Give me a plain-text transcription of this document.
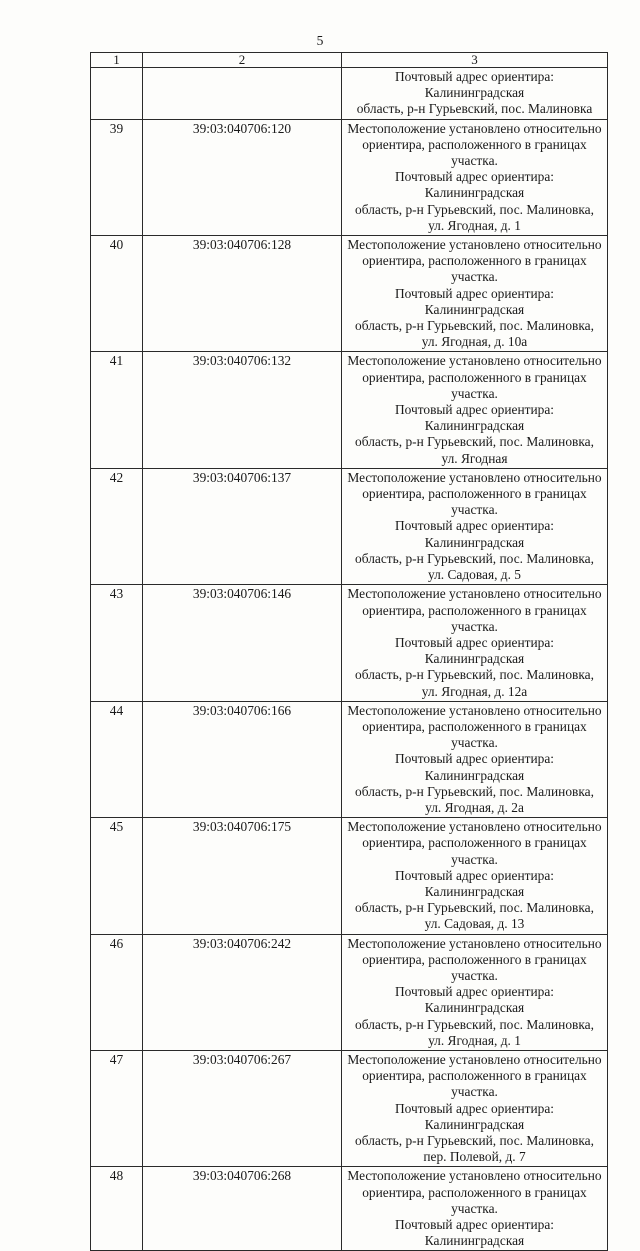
5
1	2	3
		Почтовый адрес ориентира: Калининградская
область, р-н Гурьевский, пос. Малиновка
39	39:03:040706:120	Местоположение установлено относительно
ориентира, расположенного в границах участка.
Почтовый адрес ориентира: Калининградская
область, р-н Гурьевский, пос. Малиновка,
ул. Ягодная, д. 1
40	39:03:040706:128	Местоположение установлено относительно
ориентира, расположенного в границах участка.
Почтовый адрес ориентира: Калининградская
область, р-н Гурьевский, пос. Малиновка,
ул. Ягодная, д. 10а
41	39:03:040706:132	Местоположение установлено относительно
ориентира, расположенного в границах участка.
Почтовый адрес ориентира: Калининградская
область, р-н Гурьевский, пос. Малиновка,
ул. Ягодная
42	39:03:040706:137	Местоположение установлено относительно
ориентира, расположенного в границах участка.
Почтовый адрес ориентира: Калининградская
область, р-н Гурьевский, пос. Малиновка,
ул. Садовая, д. 5
43	39:03:040706:146	Местоположение установлено относительно
ориентира, расположенного в границах участка.
Почтовый адрес ориентира: Калининградская
область, р-н Гурьевский, пос. Малиновка,
ул. Ягодная, д. 12а
44	39:03:040706:166	Местоположение установлено относительно
ориентира, расположенного в границах участка.
Почтовый адрес ориентира: Калининградская
область, р-н Гурьевский, пос. Малиновка,
ул. Ягодная, д. 2а
45	39:03:040706:175	Местоположение установлено относительно
ориентира, расположенного в границах участка.
Почтовый адрес ориентира: Калининградская
область, р-н Гурьевский, пос. Малиновка,
ул. Садовая, д. 13
46	39:03:040706:242	Местоположение установлено относительно
ориентира, расположенного в границах участка.
Почтовый адрес ориентира: Калининградская
область, р-н Гурьевский, пос. Малиновка,
ул. Ягодная, д. 1
47	39:03:040706:267	Местоположение установлено относительно
ориентира, расположенного в границах участка.
Почтовый адрес ориентира: Калининградская
область, р-н Гурьевский, пос. Малиновка,
пер. Полевой, д. 7
48	39:03:040706:268	Местоположение установлено относительно
ориентира, расположенного в границах участка.
Почтовый адрес ориентира: Калининградская
